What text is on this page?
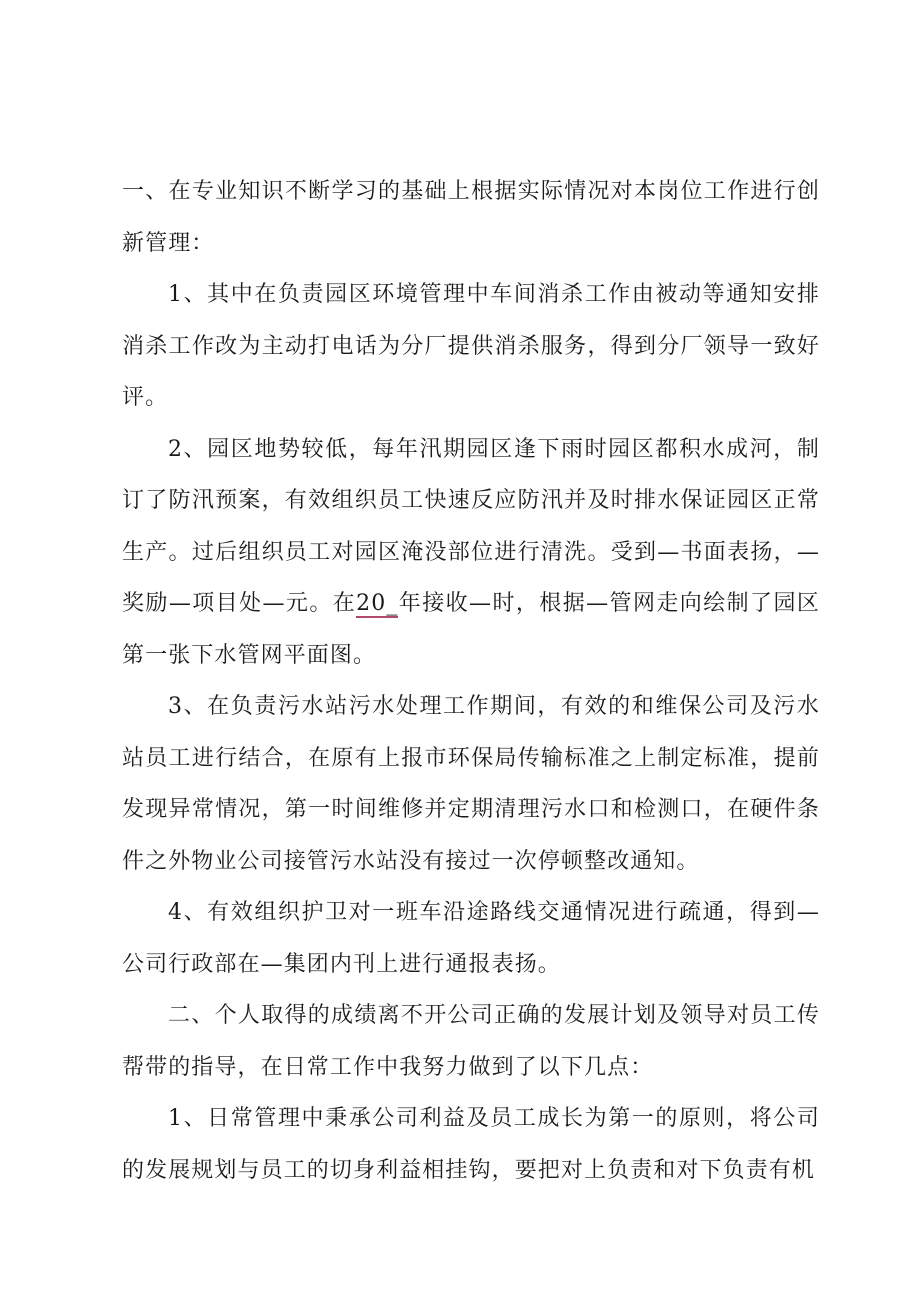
一、在专业知识不断学习的基础上根据实际情况对本岗位工作进行创新管理：

1、其中在负责园区环境管理中车间消杀工作由被动等通知安排消杀工作改为主动打电话为分厂提供消杀服务，得到分厂领导一致好评。

2、园区地势较低，每年汛期园区逢下雨时园区都积水成河，制订了防汛预案，有效组织员工快速反应防汛并及时排水保证园区正常生产。过后组织员工对园区淹没部位进行清洗。受到—书面表扬，—奖励—项目处—元。在20_年接收—时，根据—管网走向绘制了园区第一张下水管网平面图。

3、在负责污水站污水处理工作期间，有效的和维保公司及污水站员工进行结合，在原有上报市环保局传输标准之上制定标准，提前发现异常情况，第一时间维修并定期清理污水口和检测口，在硬件条件之外物业公司接管污水站没有接过一次停顿整改通知。

4、有效组织护卫对一班车沿途路线交通情况进行疏通，得到—公司行政部在—集团内刊上进行通报表扬。

二、个人取得的成绩离不开公司正确的发展计划及领导对员工传帮带的指导，在日常工作中我努力做到了以下几点：

1、日常管理中秉承公司利益及员工成长为第一的原则，将公司的发展规划与员工的切身利益相挂钩，要把对上负责和对下负责有机
